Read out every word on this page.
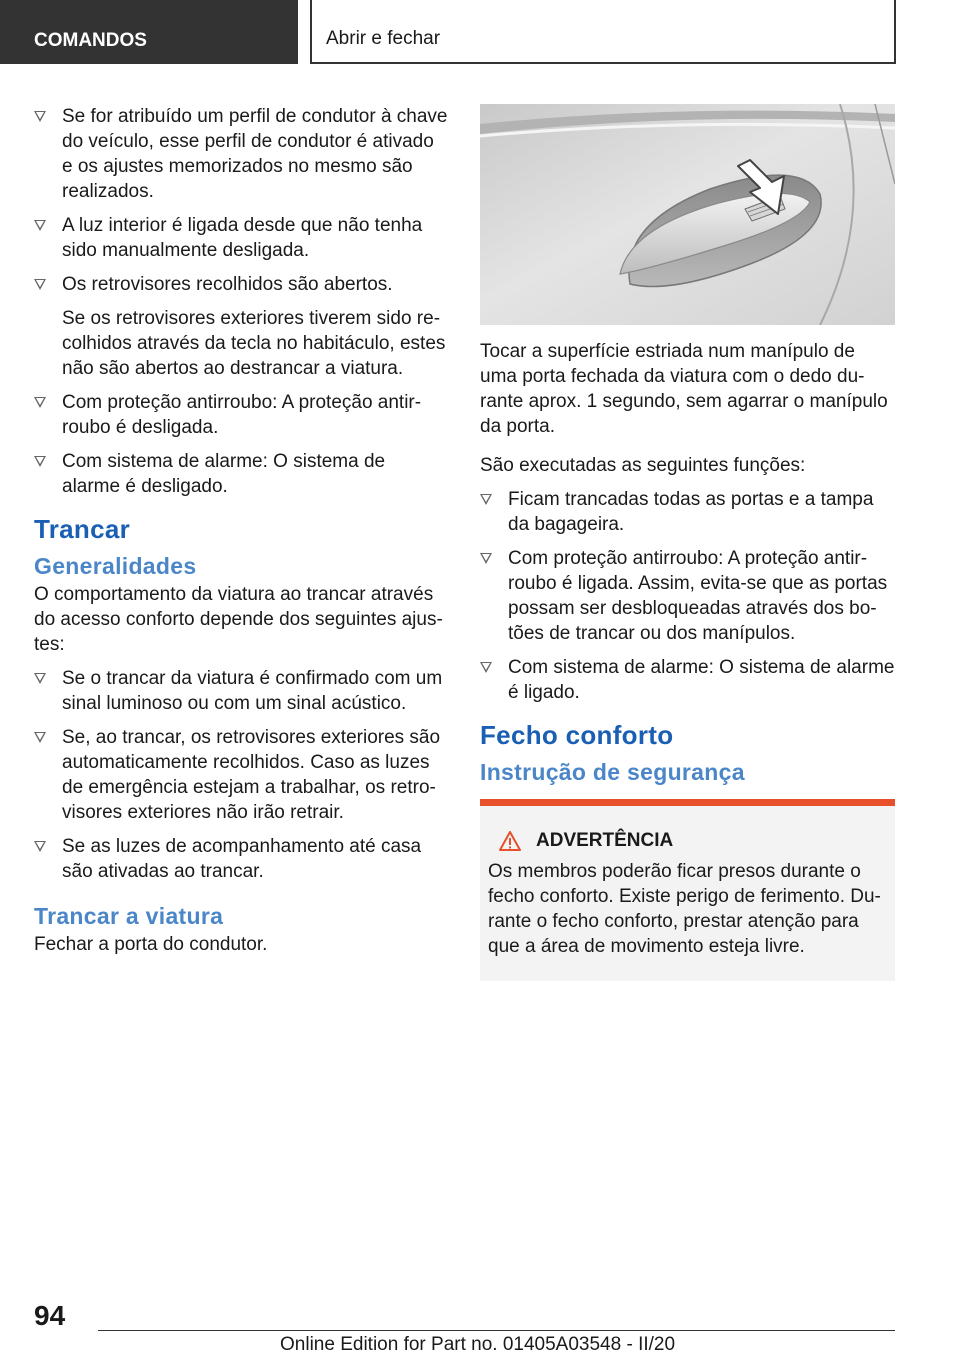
COMANDOS	Abrir e fechar
Se for atribuído um perfil de condutor à chave do veículo, esse perfil de condutor é ativado e os ajustes memorizados no mesmo são realizados.
A luz interior é ligada desde que não tenha sido manualmente desligada.
Os retrovisores recolhidos são abertos.
Se os retrovisores exteriores tiverem sido recolhidos através da tecla no habitáculo, estes não são abertos ao destrancar a viatura.
Com proteção antirroubo: A proteção antirroubo é desligada.
Com sistema de alarme: O sistema de alarme é desligado.
Trancar
Generalidades

O comportamento da viatura ao trancar através do acesso conforto depende dos seguintes ajustes:

Se o trancar da viatura é confirmado com um sinal luminoso ou com um sinal acústico.
Se, ao trancar, os retrovisores exteriores são automaticamente recolhidos. Caso as luzes de emergência estejam a trabalhar, os retrovisores exteriores não irão retrair.
Se as luzes de acompanhamento até casa são ativadas ao trancar.
Trancar a viatura

Fechar a porta do condutor.

Tocar a superfície estriada num manípulo de uma porta fechada da viatura com o dedo durante aprox. 1 segundo, sem agarrar o manípulo da porta.

São executadas as seguintes funções:

Ficam trancadas todas as portas e a tampa da bagageira.
Com proteção antirroubo: A proteção antirroubo é ligada. Assim, evita-se que as portas possam ser desbloqueadas através dos botões de trancar ou dos manípulos.
Com sistema de alarme: O sistema de alarme é ligado.
Fecho conforto
Instrução de segurança
ADVERTÊNCIA

Os membros poderão ficar presos durante o fecho conforto. Existe perigo de ferimento. Durante o fecho conforto, prestar atenção para que a área de movimento esteja livre.

94
Online Edition for Part no. 01405A03548 - II/20
